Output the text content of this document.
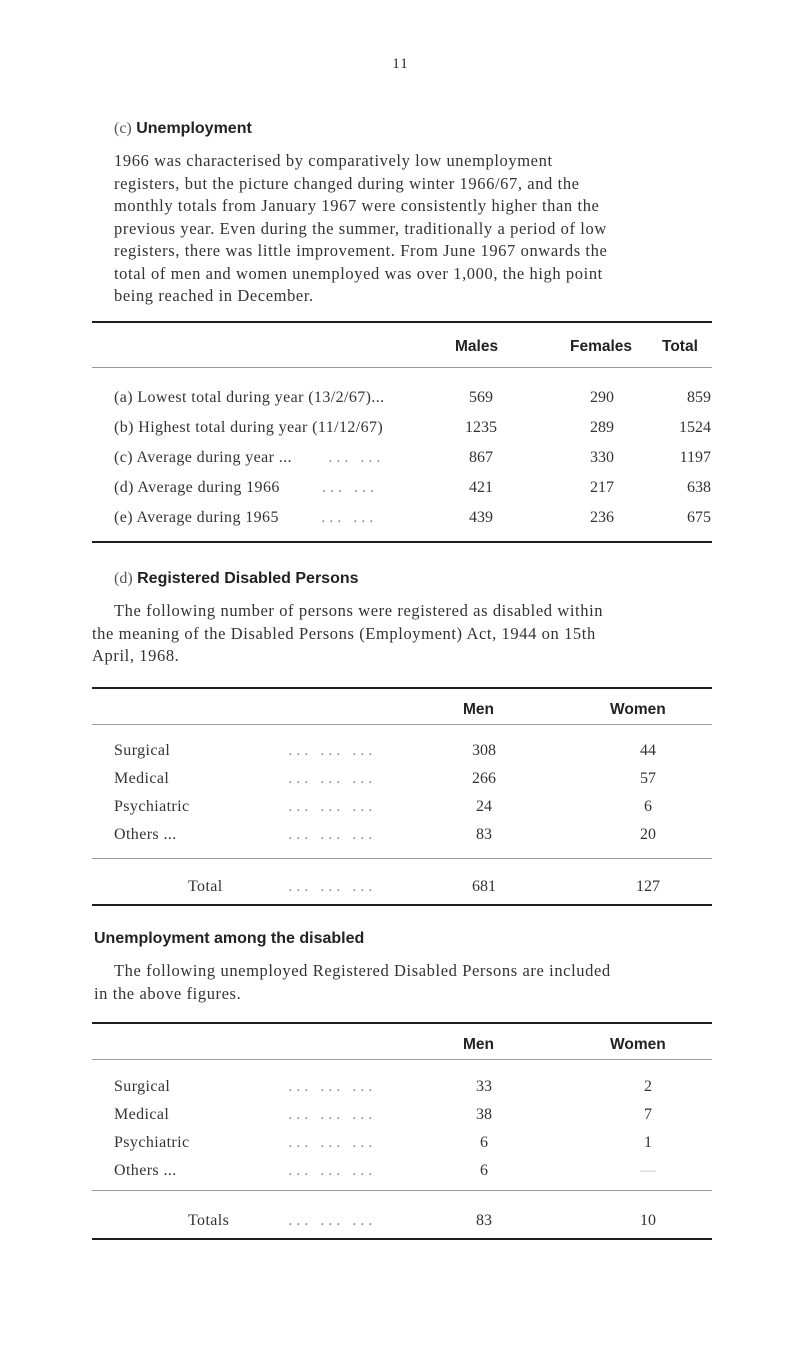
11
(c) Unemployment
1966 was characterised by comparatively low unemployment
registers, but the picture changed during winter 1966/67, and the
monthly totals from January 1967 were consistently higher than the
previous year. Even during the summer, traditionally a period of low
registers, there was little improvement. From June 1967 onwards the
total of men and women unemployed was over 1,000, the high point
being reached in December.
Males	Females Total
(a) Lowest total during year (13/2/67)...	569	290	859
(b) Highest total during year (11/12/67)	1235	289	1524
(c) Average during year ... ... ...	867	330	1197
(d) Average during 1966	... ...	421	217	638
(e) Average during 1965	... ...	439	236	675
(d) Registered Disabled Persons
The following number of persons were registered as disabled within
the meaning of the Disabled Persons (Employment) Act, 1944 on 15th
April, 1968.
Men	Women
Surgical	... ... ...	308	44
Medical	... ... ...	266	57
Psychiatric	... ... ...	24	6
Others ...	... ... ...	83	20
Total	... ... ...	681	127
Unemployment among the disabled
The following unemployed Registered Disabled Persons are included
in the above figures.
Men	Women
Surgical	... ... ...	33	2
Medical	... ... ...	38	7
Psychiatric	... ... ...	6	1
Others ...	... ... ...	6	—
Totals	... ... ...	83	10
